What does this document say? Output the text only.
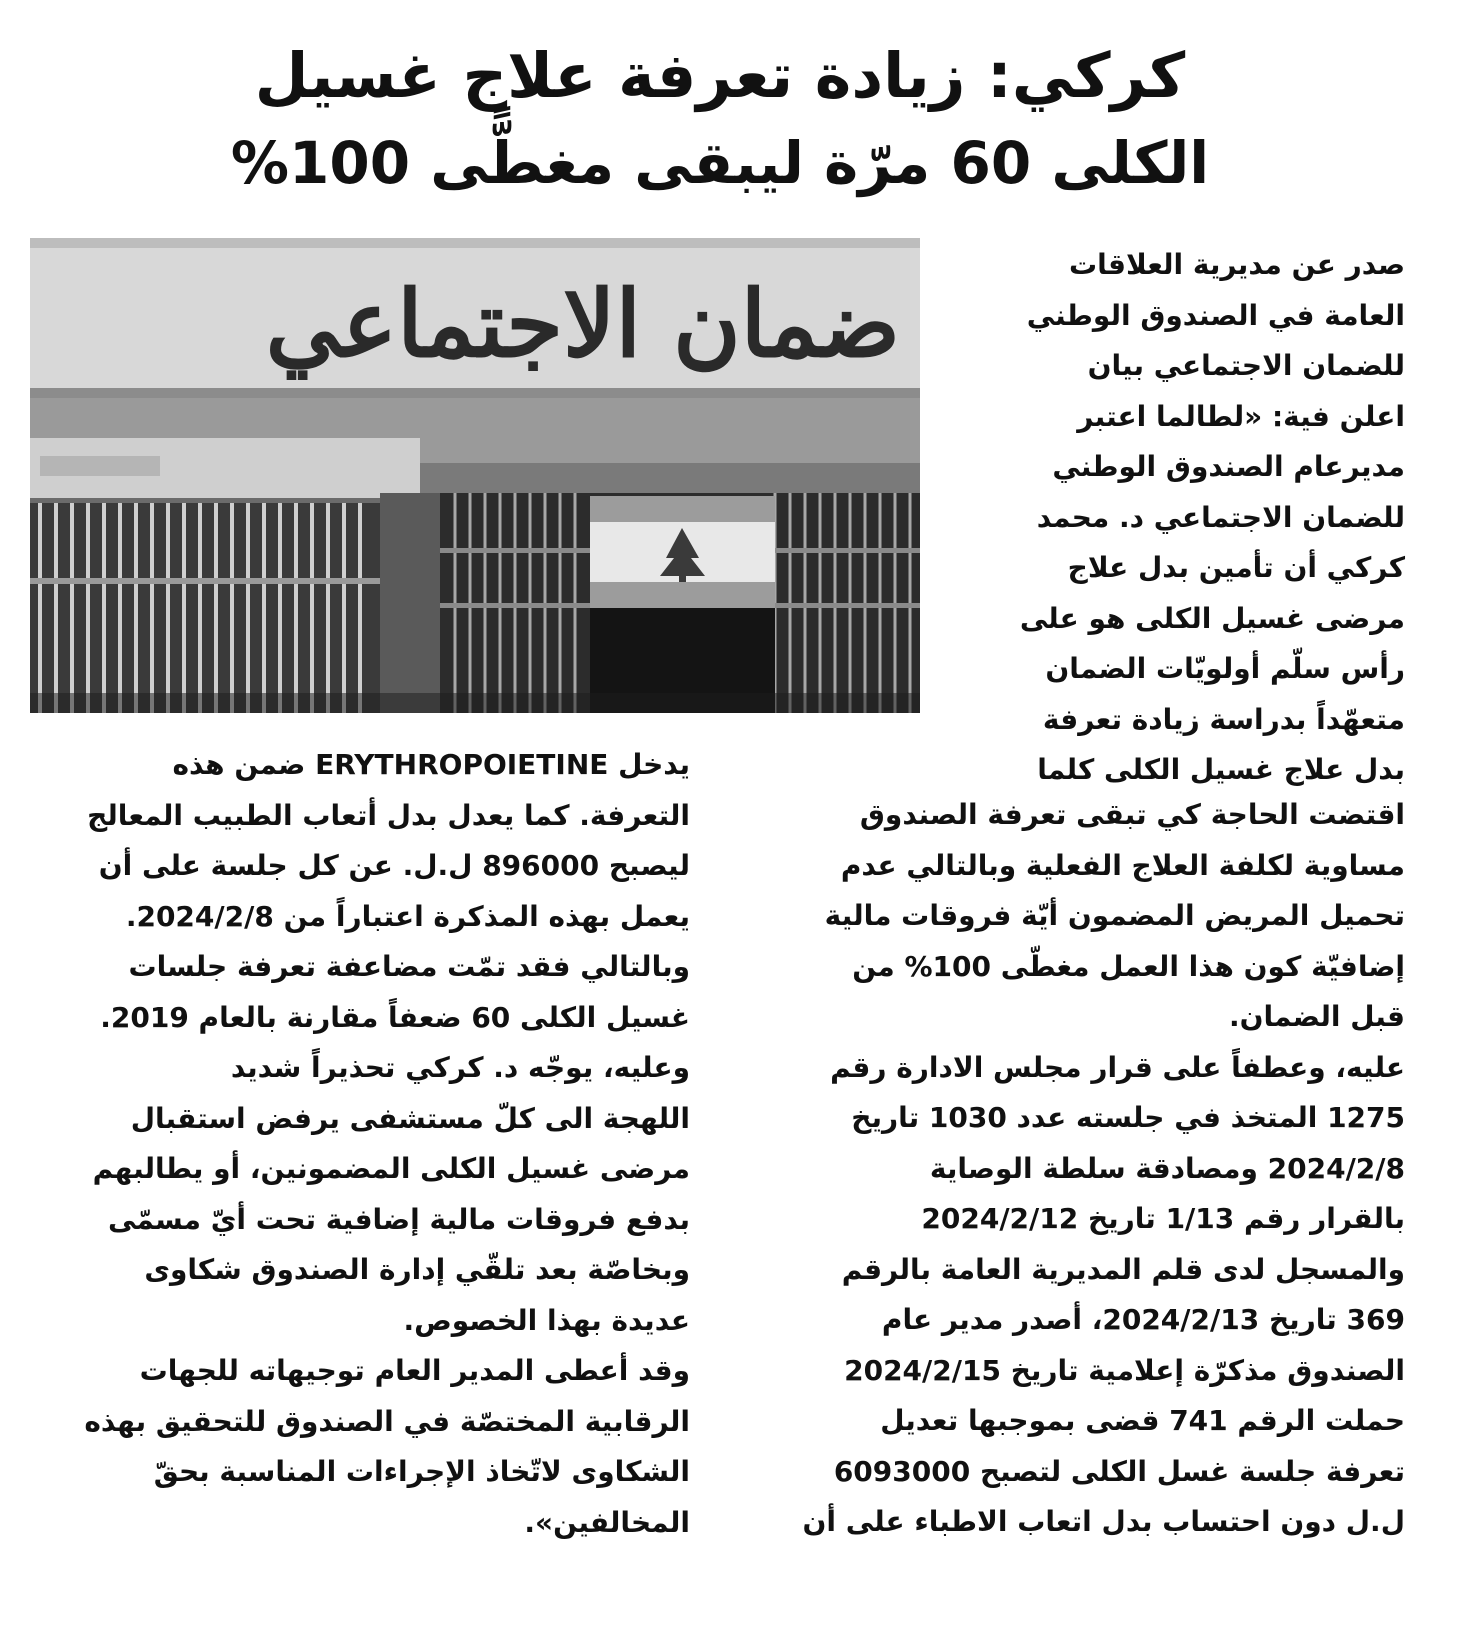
كركي: زيادة تعرفة علاج غسيل
الكلى 60 مرّة ليبقى مغطًّى 100%
ضمان الاجتماعي
صدر عن مديرية العلاقات
العامة في الصندوق الوطني
للضمان الاجتماعي بيان
اعلن فية: «لطالما اعتبر
مديرعام الصندوق الوطني
للضمان الاجتماعي د. محمد
كركي أن تأمين بدل علاج
مرضى غسيل الكلى هو على
رأس سلّم أولويّات الضمان
متعهّداً بدراسة زيادة تعرفة
بدل علاج غسيل الكلى كلما
اقتضت الحاجة كي تبقى تعرفة الصندوق
مساوية لكلفة العلاج الفعلية وبالتالي عدم
تحميل المريض المضمون أيّة فروقات مالية
إضافيّة كون هذا العمل مغطّى 100% من
قبل الضمان.
عليه، وعطفاً على قرار مجلس الادارة رقم
1275 المتخذ في جلسته عدد 1030 تاريخ
2024/2/8 ومصادقة سلطة الوصاية
بالقرار رقم 1/13 تاريخ 2024/2/12
والمسجل لدى قلم المديرية العامة بالرقم
369 تاريخ 2024/2/13، أصدر مدير عام
الصندوق مذكرّة إعلامية تاريخ 2024/2/15
حملت الرقم 741 قضى بموجبها تعديل
تعرفة جلسة غسل الكلى لتصبح 6093000
ل.ل دون احتساب بدل اتعاب الاطباء على أن
يدخل ERYTHROPOIETINE ضمن هذه
التعرفة. كما يعدل بدل أتعاب الطبيب المعالج
ليصبح 896000 ل.ل. عن كل جلسة على أن
يعمل بهذه المذكرة اعتباراً من 2024/2/8.
وبالتالي فقد تمّت مضاعفة تعرفة جلسات
غسيل الكلى 60 ضعفاً مقارنة بالعام 2019.
وعليه، يوجّه د. كركي تحذيراً شديد
اللهجة الى كلّ مستشفى يرفض استقبال
مرضى غسيل الكلى المضمونين، أو يطالبهم
بدفع فروقات مالية إضافية تحت أيّ مسمّى
وبخاصّة بعد تلقّي إدارة الصندوق شكاوى
عديدة بهذا الخصوص.
وقد أعطى المدير العام توجيهاته للجهات
الرقابية المختصّة في الصندوق للتحقيق بهذه
الشكاوى لاتّخاذ الإجراءات المناسبة بحقّ
المخالفين».
